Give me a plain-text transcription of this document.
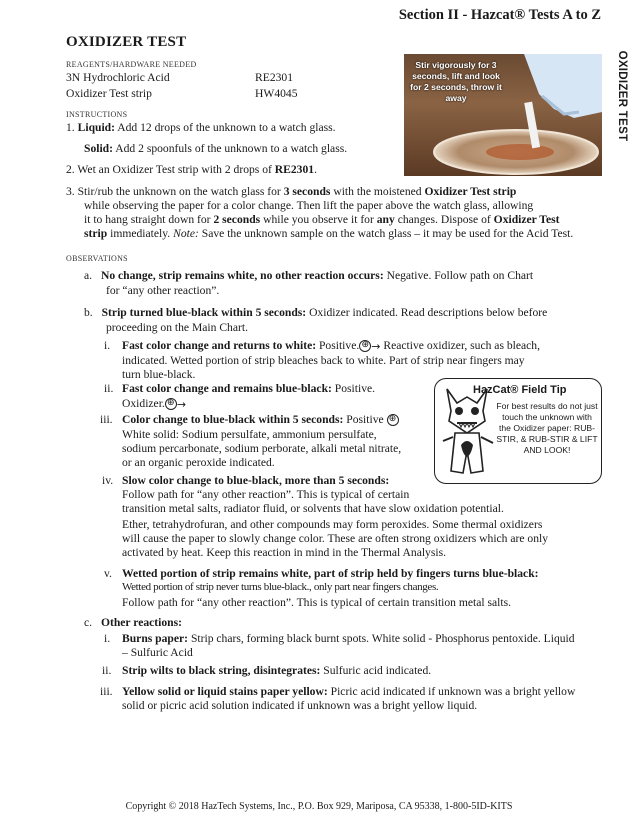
Section II - Hazcat® Tests A to Z
OXIDIZER TEST
OXIDIZER TEST
REAGENTS/HARDWARE NEEDED
3N Hydrochloric Acid	RE2301
Oxidizer Test strip	HW4045
Stir vigorously for 3 seconds, lift and look for 2 seconds, throw it away
INSTRUCTIONS
1. Liquid: Add 12 drops of the unknown to a watch glass.
Solid: Add 2 spoonfuls of the unknown to a watch glass.
2. Wet an Oxidizer Test strip with 2 drops of RE2301.
3. Stir/rub the unknown on the watch glass for 3 seconds with the moistened Oxidizer Test strip
while observing the paper for a color change. Then lift the paper above the watch glass, allowing
it to hang straight down for 2 seconds while you observe it for any changes. Dispose of Oxidizer Test
strip immediately. Note: Save the unknown sample on the watch glass – it may be used for the Acid Test.
OBSERVATIONS
a. No change, strip remains white, no other reaction occurs: Negative. Follow path on Chart
for “any other reaction”.
b. Strip turned blue-black within 5 seconds: Oxidizer indicated. Read descriptions below before
proceeding on the Main Chart.
i. Fast color change and returns to white: Positive. ⊕ → Reactive oxidizer, such as bleach,
indicated. Wetted portion of strip bleaches back to white. Part of strip near fingers may
turn blue-black.
ii. Fast color change and remains blue-black: Positive.
Oxidizer. ⊕ →
iii. Color change to blue-black within 5 seconds: Positive ⊕
White solid: Sodium persulfate, ammonium persulfate,
sodium percarbonate, sodium perborate, alkali metal nitrate,
or an organic peroxide indicated.
iv. Slow color change to blue-black, more than 5 seconds:
Follow path for “any other reaction”. This is typical of certain
transition metal salts, radiator fluid, or solvents that have slow oxidation potential.
Ether, tetrahydrofuran, and other compounds may form peroxides. Some thermal oxidizers
will cause the paper to slowly change color. These are often strong oxidizers which are only
activated by heat. Keep this reaction in mind in the Thermal Analysis.
v. Wetted portion of strip remains white, part of strip held by fingers turns blue-black:
Wetted portion of strip never turns blue-black., only part near fingers changes.
Follow path for “any other reaction”. This is typical of certain transition metal salts.
c. Other reactions:
i. Burns paper: Strip chars, forming black burnt spots. White solid - Phosphorus pentoxide. Liquid
– Sulfuric Acid
ii. Strip wilts to black string, disintegrates: Sulfuric acid indicated.
iii. Yellow solid or liquid stains paper yellow: Picric acid indicated if unknown was a bright yellow
solid or picric acid solution indicated if unknown was a bright yellow liquid.
HazCat® Field Tip
For best results do not just touch the unknown with the Oxidizer paper: RUB-STIR, & RUB-STIR & LIFT AND LOOK!
Copyright © 2018 HazTech Systems, Inc., P.O. Box 929, Mariposa, CA 95338, 1-800-5ID-KITS
